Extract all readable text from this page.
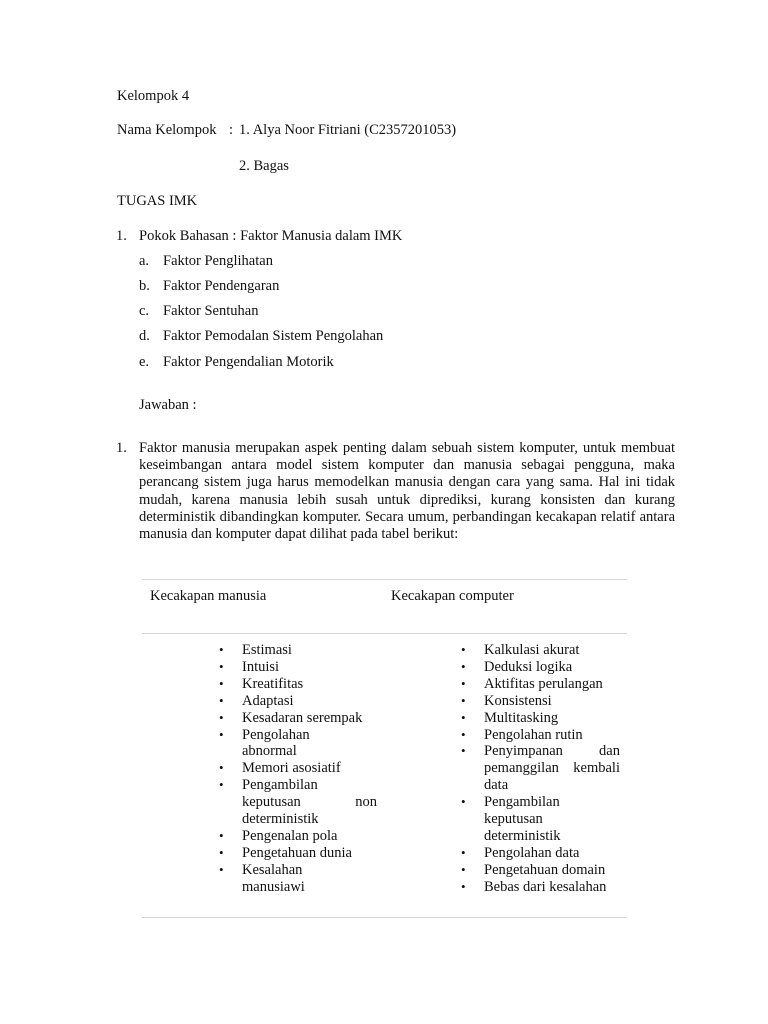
Kelompok 4
Nama Kelompok : 1. Alya Noor Fitriani (C2357201053)
2. Bagas
TUGAS IMK
1. Pokok Bahasan : Faktor Manusia dalam IMK
a. Faktor Penglihatan
b. Faktor Pendengaran
c. Faktor Sentuhan
d. Faktor Pemodalan Sistem Pengolahan
e. Faktor Pengendalian Motorik
Jawaban :
1. Faktor manusia merupakan aspek penting dalam sebuah sistem komputer, untuk membuat keseimbangan antara model sistem komputer dan manusia sebagai pengguna, maka perancang sistem juga harus memodelkan manusia dengan cara yang sama. Hal ini tidak mudah, karena manusia lebih susah untuk diprediksi, kurang konsisten dan kurang deterministik dibandingkan komputer. Secara umum, perbandingan kecakapan relatif antara manusia dan komputer dapat dilihat pada tabel berikut:
Kecakapan manusia	Kecakapan computer
• Estimasi
• Intuisi
• Kreatifitas
• Adaptasi
• Kesadaran serempak
• Pengolahan abnormal
• Memori asosiatif
• Pengambilan keputusan non deterministik
• Pengenalan pola
• Pengetahuan dunia
• Kesalahan manusiawi
• Kalkulasi akurat
• Deduksi logika
• Aktifitas perulangan
• Konsistensi
• Multitasking
• Pengolahan rutin
• Penyimpanan dan pemanggilan kembali data
• Pengambilan keputusan deterministik
• Pengolahan data
• Pengetahuan domain
• Bebas dari kesalahan
